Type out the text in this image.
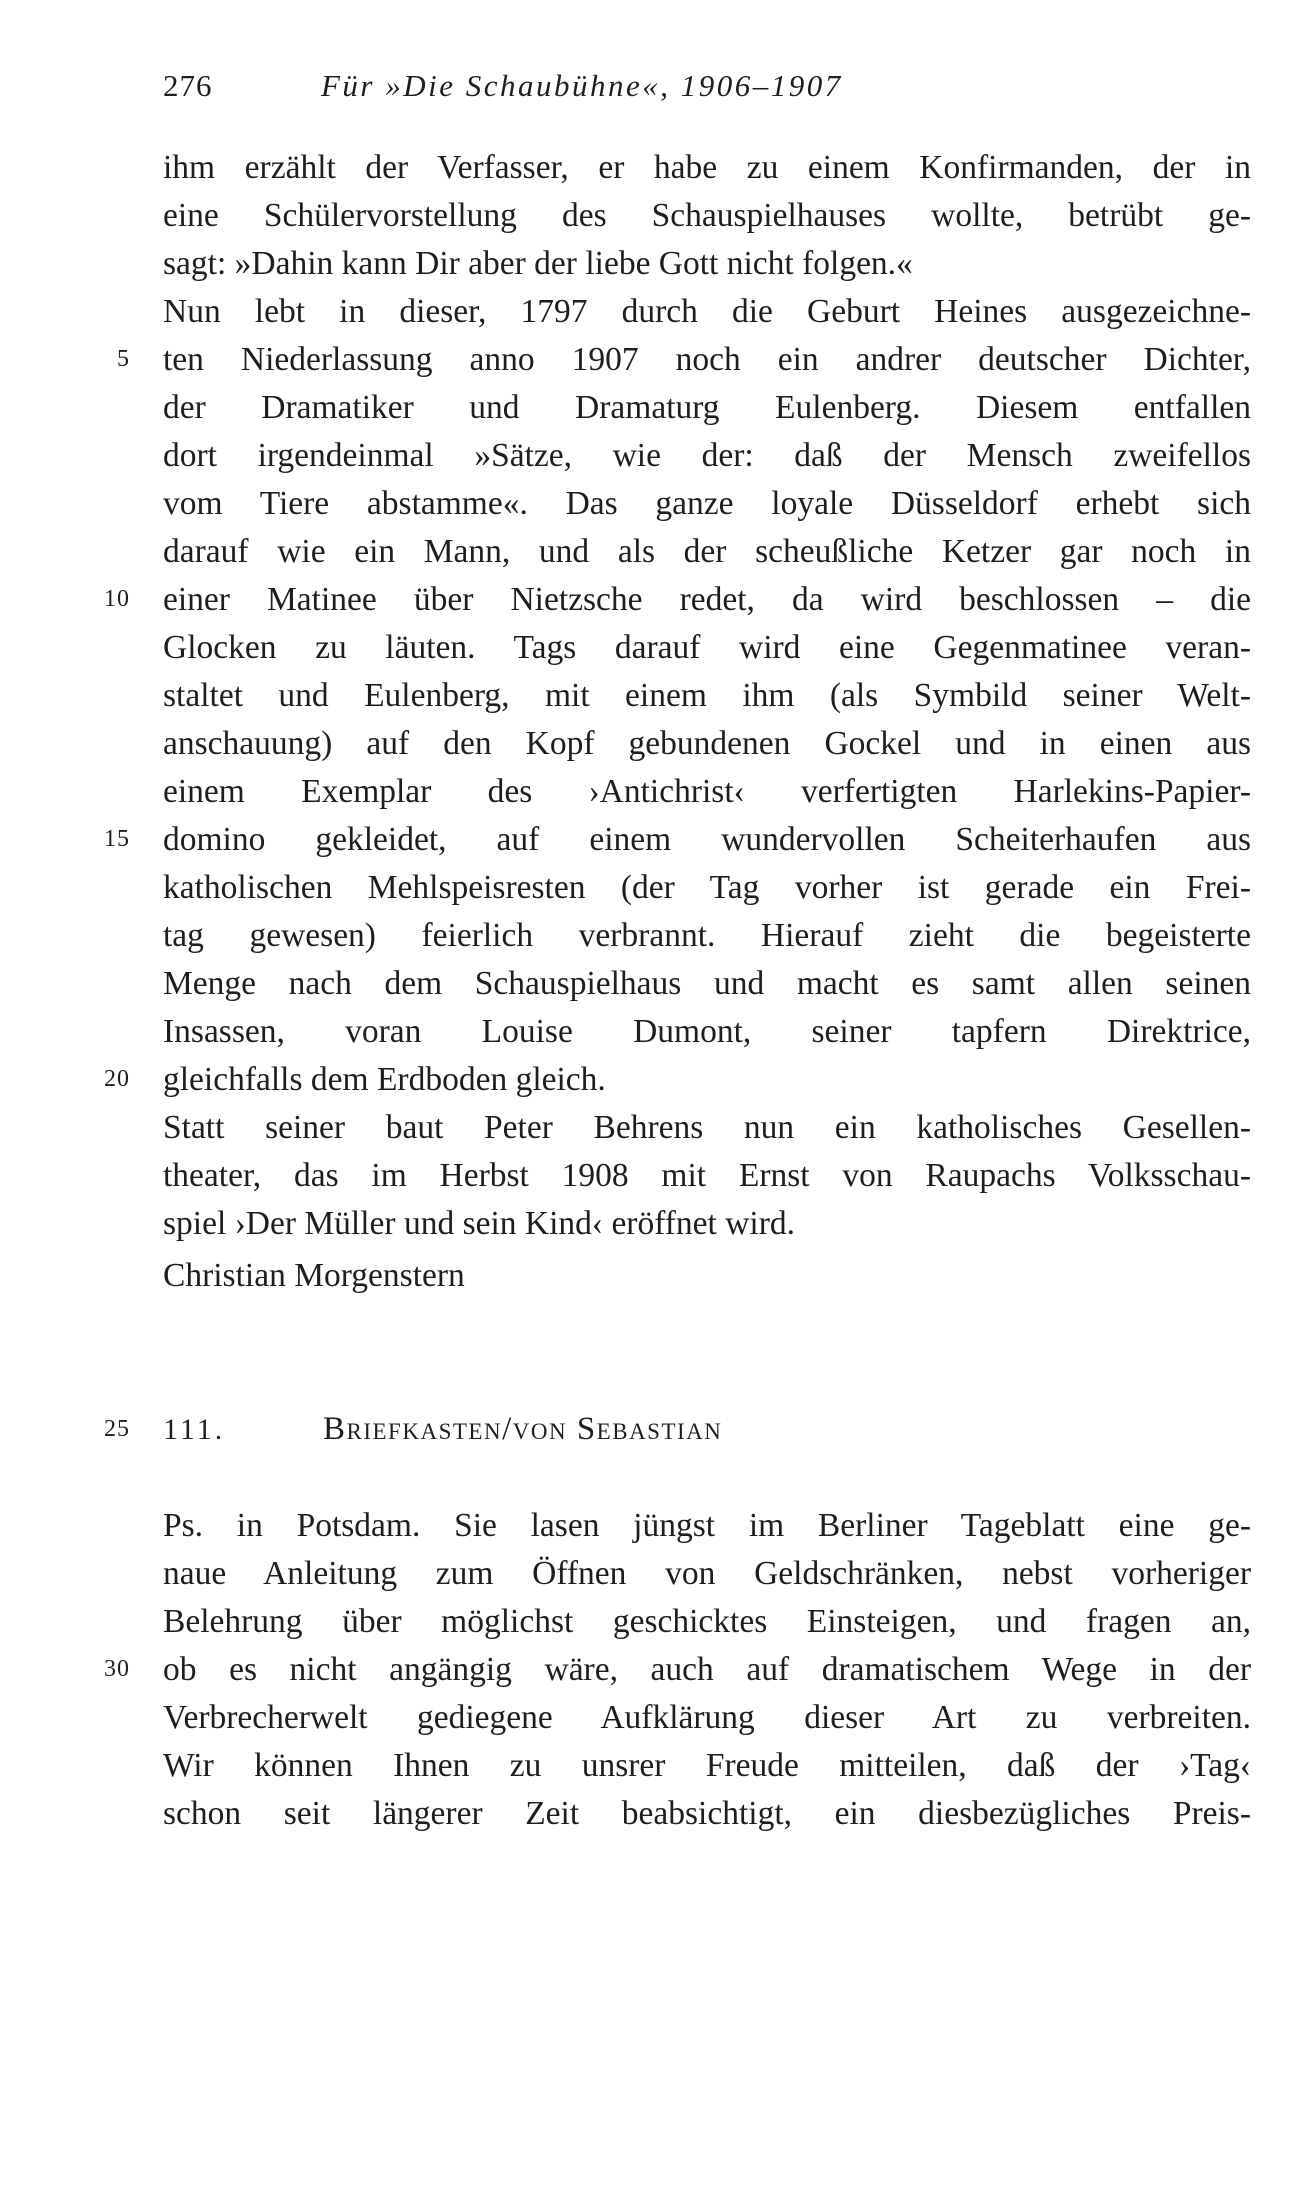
276	Für »Die Schaubühne«, 1906–1907
ihm erzählt der Verfasser, er habe zu einem Konfirmanden, der in
eine Schülervorstellung des Schauspielhauses wollte, betrübt ge-
sagt: »Dahin kann Dir aber der liebe Gott nicht folgen.«
Nun lebt in dieser, 1797 durch die Geburt Heines ausgezeichne-
ten Niederlassung anno 1907 noch ein andrer deutscher Dichter,
der Dramatiker und Dramaturg Eulenberg. Diesem entfallen
dort irgendeinmal »Sätze, wie der: daß der Mensch zweifellos
vom Tiere abstamme«. Das ganze loyale Düsseldorf erhebt sich
darauf wie ein Mann, und als der scheußliche Ketzer gar noch in
einer Matinee über Nietzsche redet, da wird beschlossen – die
Glocken zu läuten. Tags darauf wird eine Gegenmatinee veran-
staltet und Eulenberg, mit einem ihm (als Symbild seiner Welt-
anschauung) auf den Kopf gebundenen Gockel und in einen aus
einem Exemplar des ›Antichrist‹ verfertigten Harlekins-Papier-
domino gekleidet, auf einem wundervollen Scheiterhaufen aus
katholischen Mehlspeisresten (der Tag vorher ist gerade ein Frei-
tag gewesen) feierlich verbrannt. Hierauf zieht die begeisterte
Menge nach dem Schauspielhaus und macht es samt allen seinen
Insassen, voran Louise Dumont, seiner tapfern Direktrice,
gleichfalls dem Erdboden gleich.
Statt seiner baut Peter Behrens nun ein katholisches Gesellen-
theater, das im Herbst 1908 mit Ernst von Raupachs Volksschau-
spiel ›Der Müller und sein Kind‹ eröffnet wird.
Christian Morgenstern
111.	Briefkasten/von Sebastian
Ps. in Potsdam. Sie lasen jüngst im Berliner Tageblatt eine ge-
naue Anleitung zum Öffnen von Geldschränken, nebst vorheriger
Belehrung über möglichst geschicktes Einsteigen, und fragen an,
ob es nicht angängig wäre, auch auf dramatischem Wege in der
Verbrecherwelt gediegene Aufklärung dieser Art zu verbreiten.
Wir können Ihnen zu unsrer Freude mitteilen, daß der ›Tag‹
schon seit längerer Zeit beabsichtigt, ein diesbezügliches Preis-
5
10
15
20
25
30
